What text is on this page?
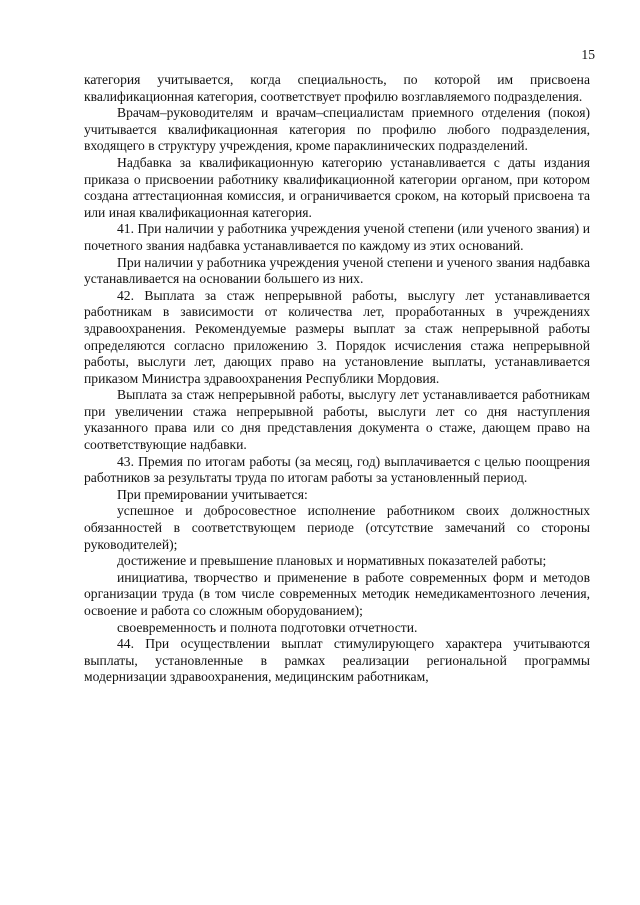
15

категория учитывается, когда специальность, по которой им присвоена квалификационная категория, соответствует профилю возглавляемого подразделения.

Врачам–руководителям и врачам–специалистам приемного отделения (покоя) учитывается квалификационная категория по профилю любого подразделения, входящего в структуру учреждения, кроме параклинических подразделений.

Надбавка за квалификационную категорию устанавливается с даты издания приказа о присвоении работнику квалификационной категории органом, при котором создана аттестационная комиссия, и ограничивается сроком, на который присвоена та или иная квалификационная категория.

41. При наличии у работника учреждения ученой степени (или ученого звания) и почетного звания надбавка устанавливается по каждому из этих оснований.

При наличии у работника учреждения ученой степени и ученого звания надбавка устанавливается на основании большего из них.

42. Выплата за стаж непрерывной работы, выслугу лет устанавливается работникам в зависимости от количества лет, проработанных в учреждениях здравоохранения. Рекомендуемые размеры выплат за стаж непрерывной работы определяются согласно приложению 3. Порядок исчисления стажа непрерывной работы, выслуги лет, дающих право на установление выплаты, устанавливается приказом Министра здравоохранения Республики Мордовия.

Выплата за стаж непрерывной работы, выслугу лет устанавливается работникам при увеличении стажа непрерывной работы, выслуги лет со дня наступления указанного права или со дня представления документа о стаже, дающем право на соответствующие надбавки.

43. Премия по итогам работы (за месяц, год) выплачивается с целью поощрения работников за результаты труда по итогам работы за установленный период.

При премировании учитывается:

успешное и добросовестное исполнение работником своих должностных обязанностей в соответствующем периоде (отсутствие замечаний со стороны руководителей);

достижение и превышение плановых и нормативных показателей работы;

инициатива, творчество и применение в работе современных форм и методов организации труда (в том числе современных методик немедикаментозного лечения, освоение и работа со сложным оборудованием);

своевременность и полнота подготовки отчетности.

44. При осуществлении выплат стимулирующего характера учитываются выплаты, установленные в рамках реализации региональной программы модернизации здравоохранения, медицинским работникам,
